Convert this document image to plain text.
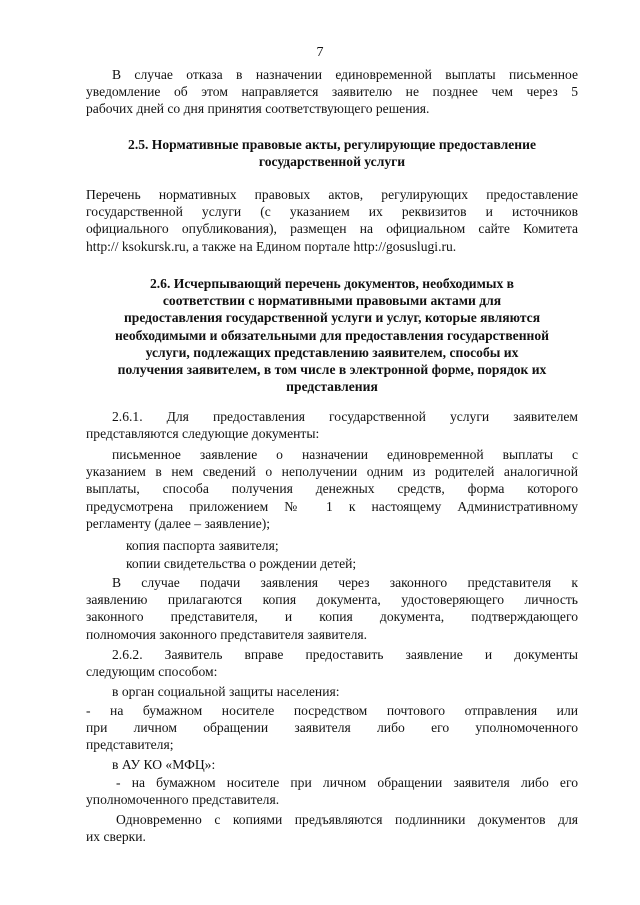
7
В случае отказа в назначении единовременной выплаты письменное
уведомление об этом направляется заявителю не позднее чем через 5
рабочих дней со дня принятия соответствующего решения.
2.5. Нормативные правовые акты, регулирующие предоставление
государственной услуги
Перечень нормативных правовых актов, регулирующих предоставление
государственной услуги (с указанием их реквизитов и источников
официального опубликования), размещен на официальном сайте Комитета
http:// ksokursk.ru, а также на Едином портале http://gosuslugi.ru.
2.6. Исчерпывающий перечень документов, необходимых в
соответствии с нормативными правовыми актами для
предоставления государственной услуги и услуг, которые являются
необходимыми и обязательными для предоставления государственной
услуги, подлежащих представлению заявителем, способы их
получения заявителем, в том числе в электронной форме, порядок их
представления
2.6.1. Для предоставления государственной услуги заявителем
представляются следующие документы:
письменное заявление о назначении единовременной выплаты с
указанием в нем сведений о неполучении одним из родителей аналогичной
выплаты, способа получения денежных средств, форма которого
предусмотрена приложением № 1 к настоящему Административному
регламенту (далее – заявление);
копия паспорта заявителя;
копии свидетельства о рождении детей;
В случае подачи заявления через законного представителя к
заявлению прилагаются копия документа, удостоверяющего личность
законного представителя, и копия документа, подтверждающего
полномочия законного представителя заявителя.
2.6.2. Заявитель вправе предоставить заявление и документы
следующим способом:
в орган социальной защиты населения:
- на бумажном носителе посредством почтового отправления или
при личном обращении заявителя либо его уполномоченного
представителя;
в АУ КО «МФЦ»:
- на бумажном носителе при личном обращении заявителя либо его
уполномоченного представителя.
Одновременно с копиями предъявляются подлинники документов для
их сверки.
